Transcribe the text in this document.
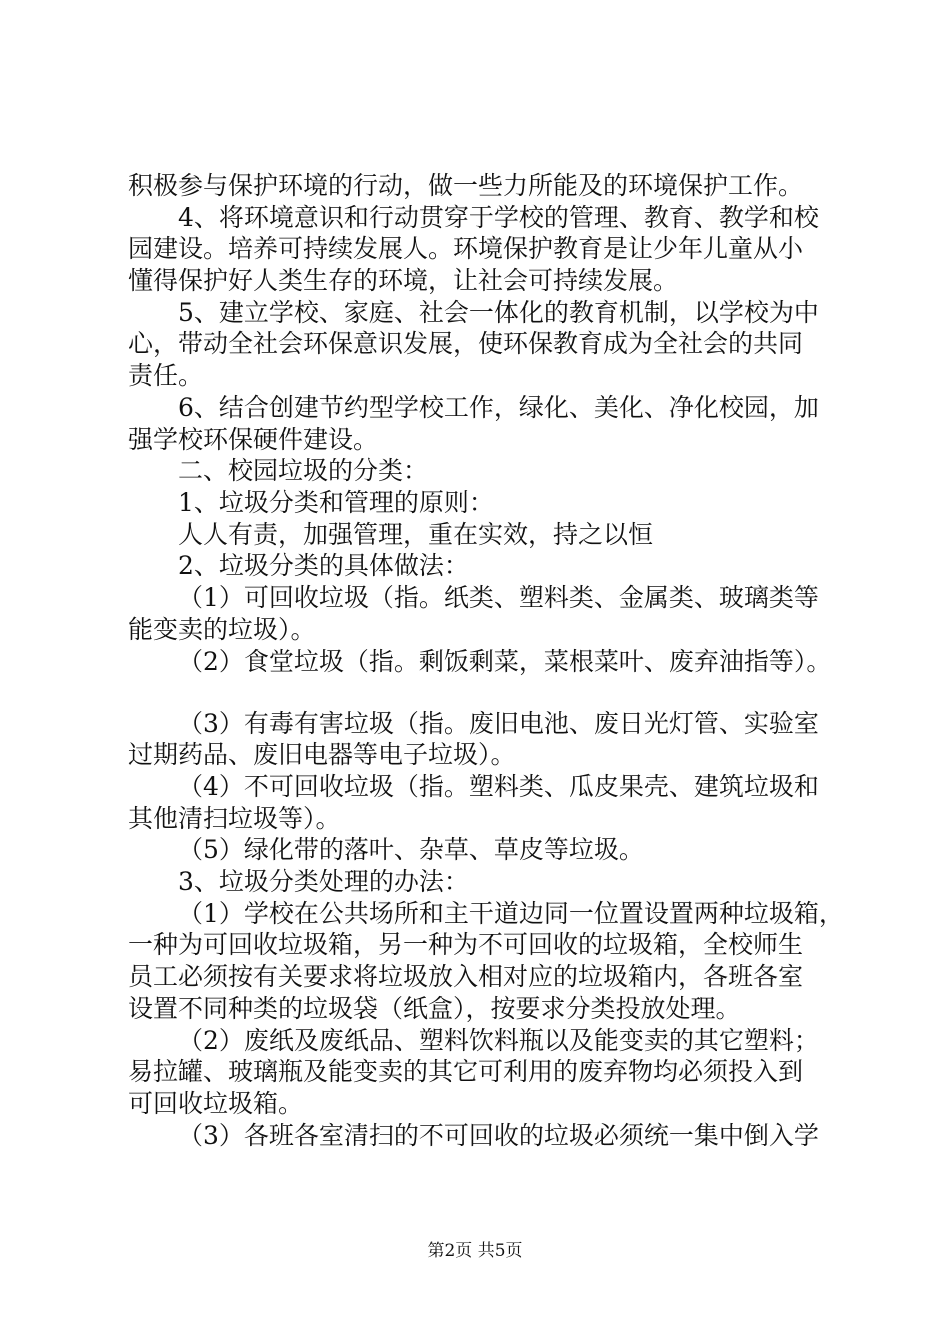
积极参与保护环境的行动，做一些力所能及的环境保护工作。
4、将环境意识和行动贯穿于学校的管理、教育、教学和校
园建设。培养可持续发展人。环境保护教育是让少年儿童从小
懂得保护好人类生存的环境，让社会可持续发展。
5、建立学校、家庭、社会一体化的教育机制，以学校为中
心，带动全社会环保意识发展，使环保教育成为全社会的共同
责任。
6、结合创建节约型学校工作，绿化、美化、净化校园，加
强学校环保硬件建设。
二、校园垃圾的分类：
1、垃圾分类和管理的原则：
人人有责，加强管理，重在实效，持之以恒
2、垃圾分类的具体做法：
（1）可回收垃圾（指。纸类、塑料类、金属类、玻璃类等
能变卖的垃圾）。
（2）食堂垃圾（指。剩饭剩菜，菜根菜叶、废弃油指等）。
（3）有毒有害垃圾（指。废旧电池、废日光灯管、实验室
过期药品、废旧电器等电子垃圾）。
（4）不可回收垃圾（指。塑料类、瓜皮果壳、建筑垃圾和
其他清扫垃圾等）。
（5）绿化带的落叶、杂草、草皮等垃圾。
3、垃圾分类处理的办法：
（1）学校在公共场所和主干道边同一位置设置两种垃圾箱，
一种为可回收垃圾箱，另一种为不可回收的垃圾箱，全校师生
员工必须按有关要求将垃圾放入相对应的垃圾箱内，各班各室
设置不同种类的垃圾袋（纸盒），按要求分类投放处理。
（2）废纸及废纸品、塑料饮料瓶以及能变卖的其它塑料；
易拉罐、玻璃瓶及能变卖的其它可利用的废弃物均必须投入到
可回收垃圾箱。
（3）各班各室清扫的不可回收的垃圾必须统一集中倒入学
第2页 共5页
